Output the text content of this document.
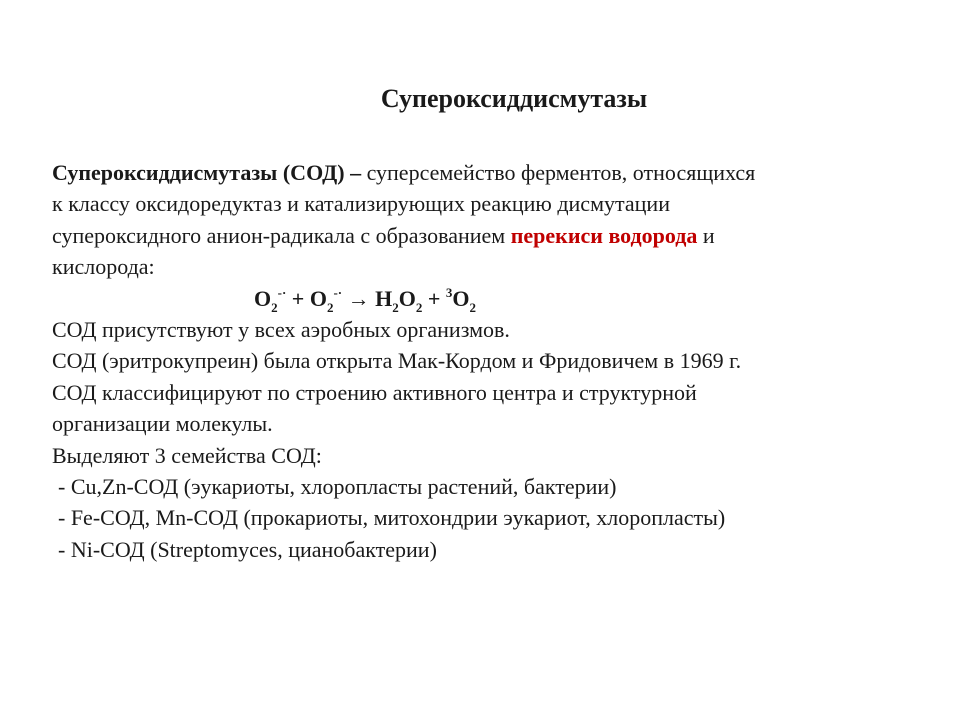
Супероксиддисмутазы
Супероксиддисмутазы (СОД) – суперсемейство ферментов, относящихся
к классу оксидоредуктаз и катализирующих реакцию дисмутации
супероксидного анион-радикала с образованием перекиси водорода и
кислорода:
$O_2^{-\cdot} + O_2^{-\cdot} \to H_2O_2 + ^3O_2$
СОД присутствуют у всех аэробных организмов.
СОД (эритрокупреин) была открыта Мак-Кордом и Фридовичем в 1969 г.
СОД классифицируют по строению активного центра и структурной
организации молекулы.
Выделяют 3 семейства СОД:
- Cu,Zn-СОД (эукариоты, хлоропласты растений, бактерии)
- Fe-СОД, Mn-СОД (прокариоты, митохондрии эукариот, хлоропласты)
- Ni-СОД (Streptomyces, цианобактерии)
